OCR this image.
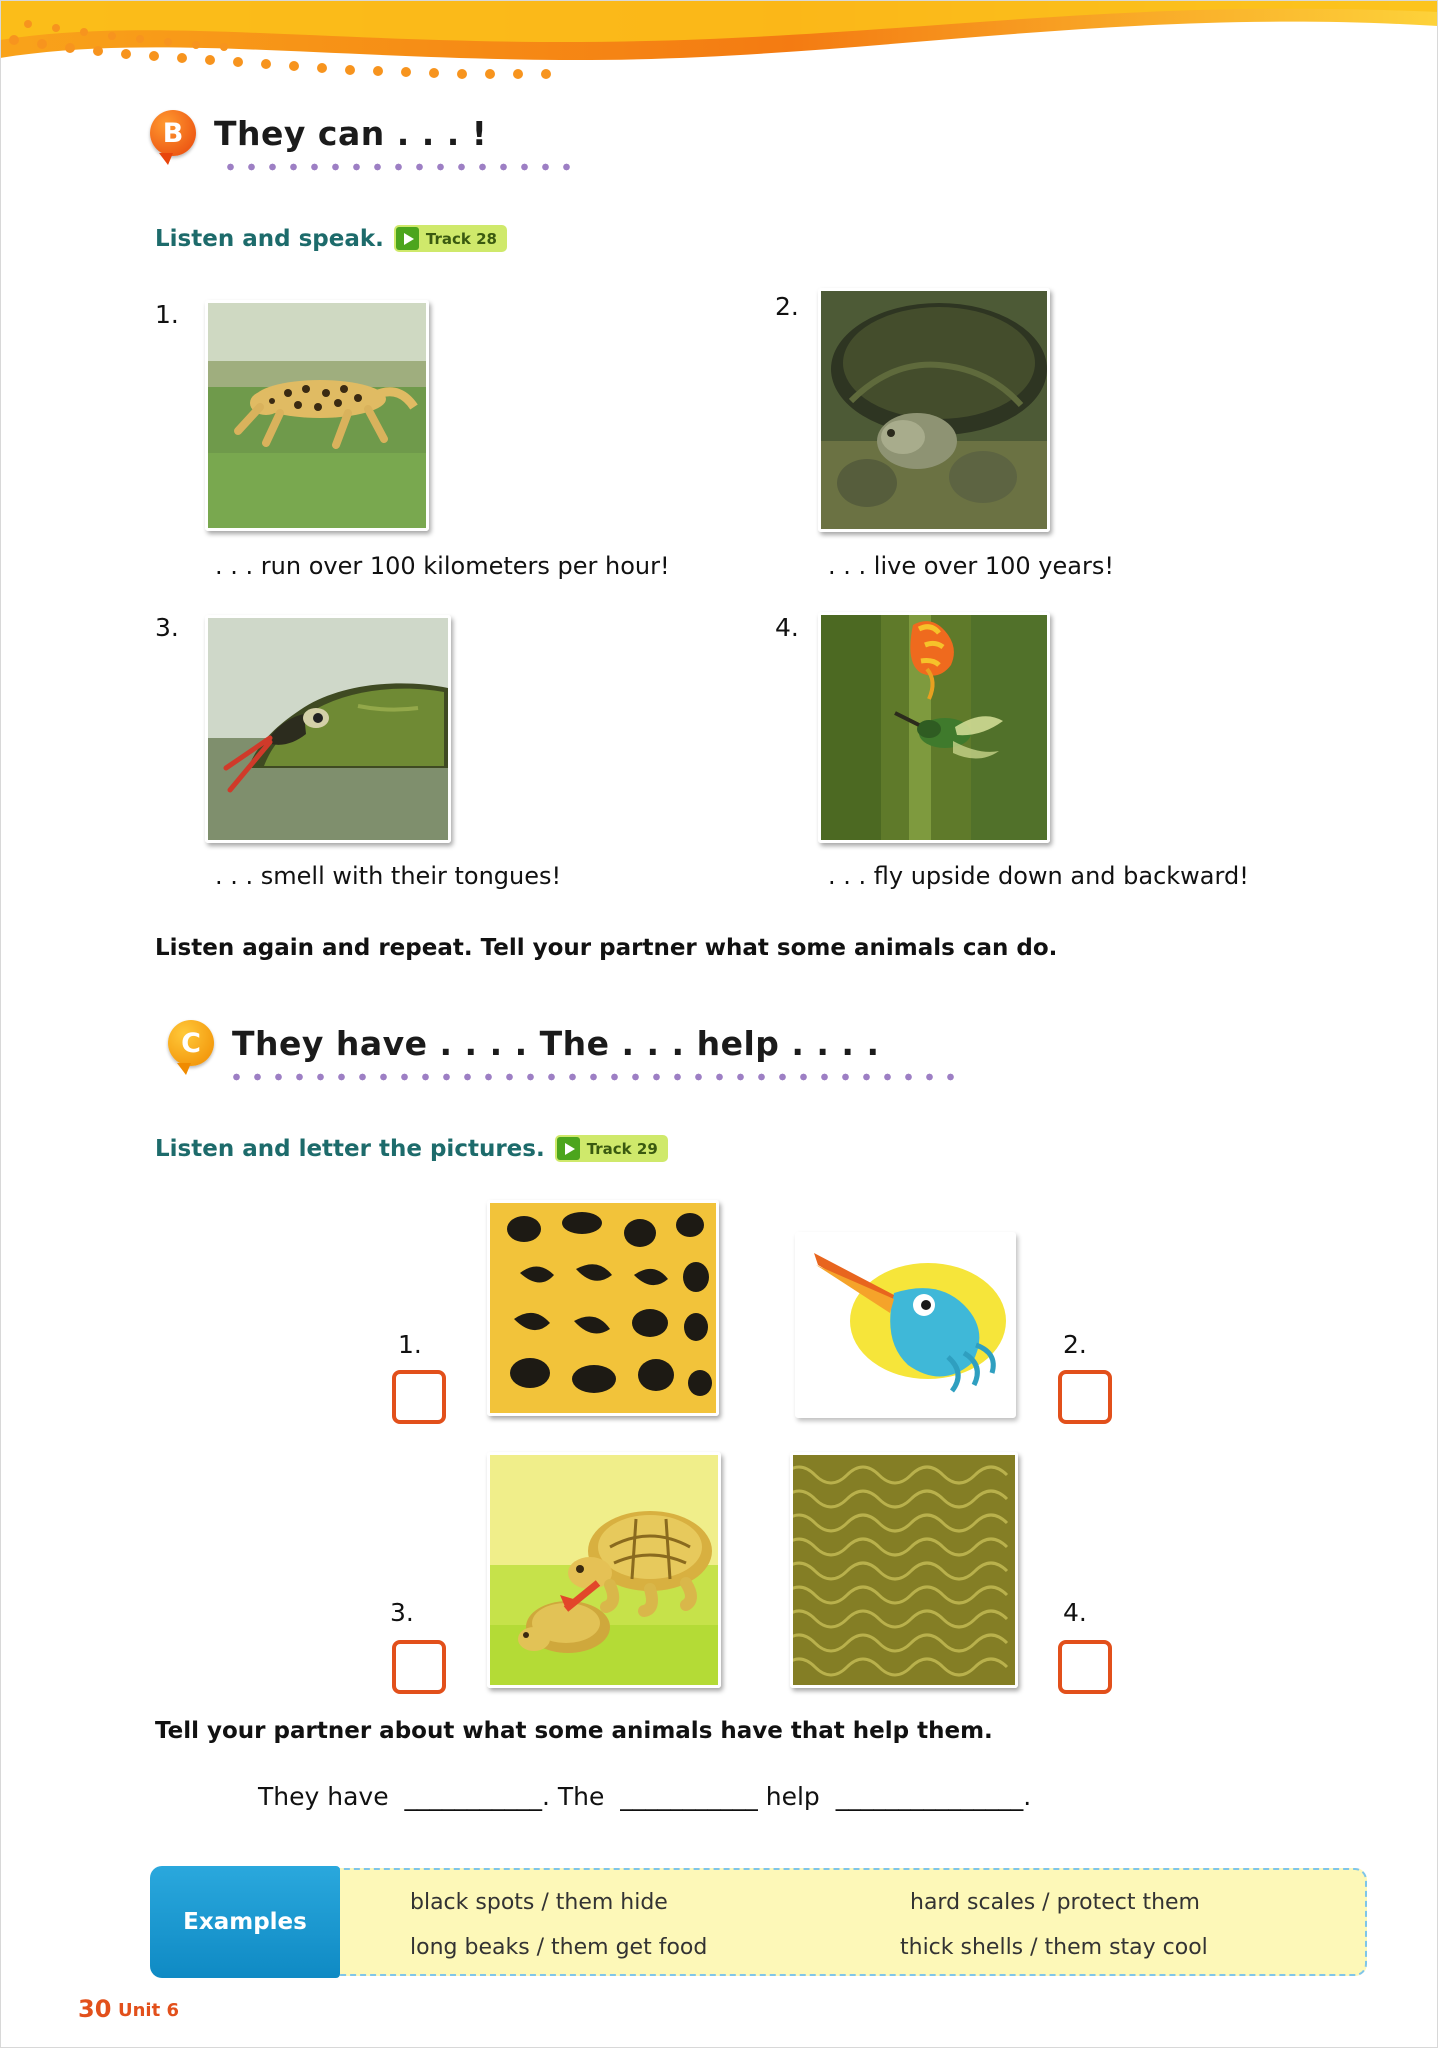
B They can . . . !
Listen and speak.	Track 28
1.
. . . run over 100 kilometers per hour!
2.
. . . live over 100 years!
3.
. . . smell with their tongues!
4.
. . . fly upside down and backward!
Listen again and repeat. Tell your partner what some animals can do.
C They have . . . . The . . . help . . . .
Listen and letter the pictures.	Track 29
1.	2.
3.	4.
Tell your partner about what some animals have that help them.
They have  ___________. The  ___________ help  _______________.
Examples
black spots / them hide
long beaks / them get food
hard scales / protect them
thick shells / them stay cool
30 Unit 6
